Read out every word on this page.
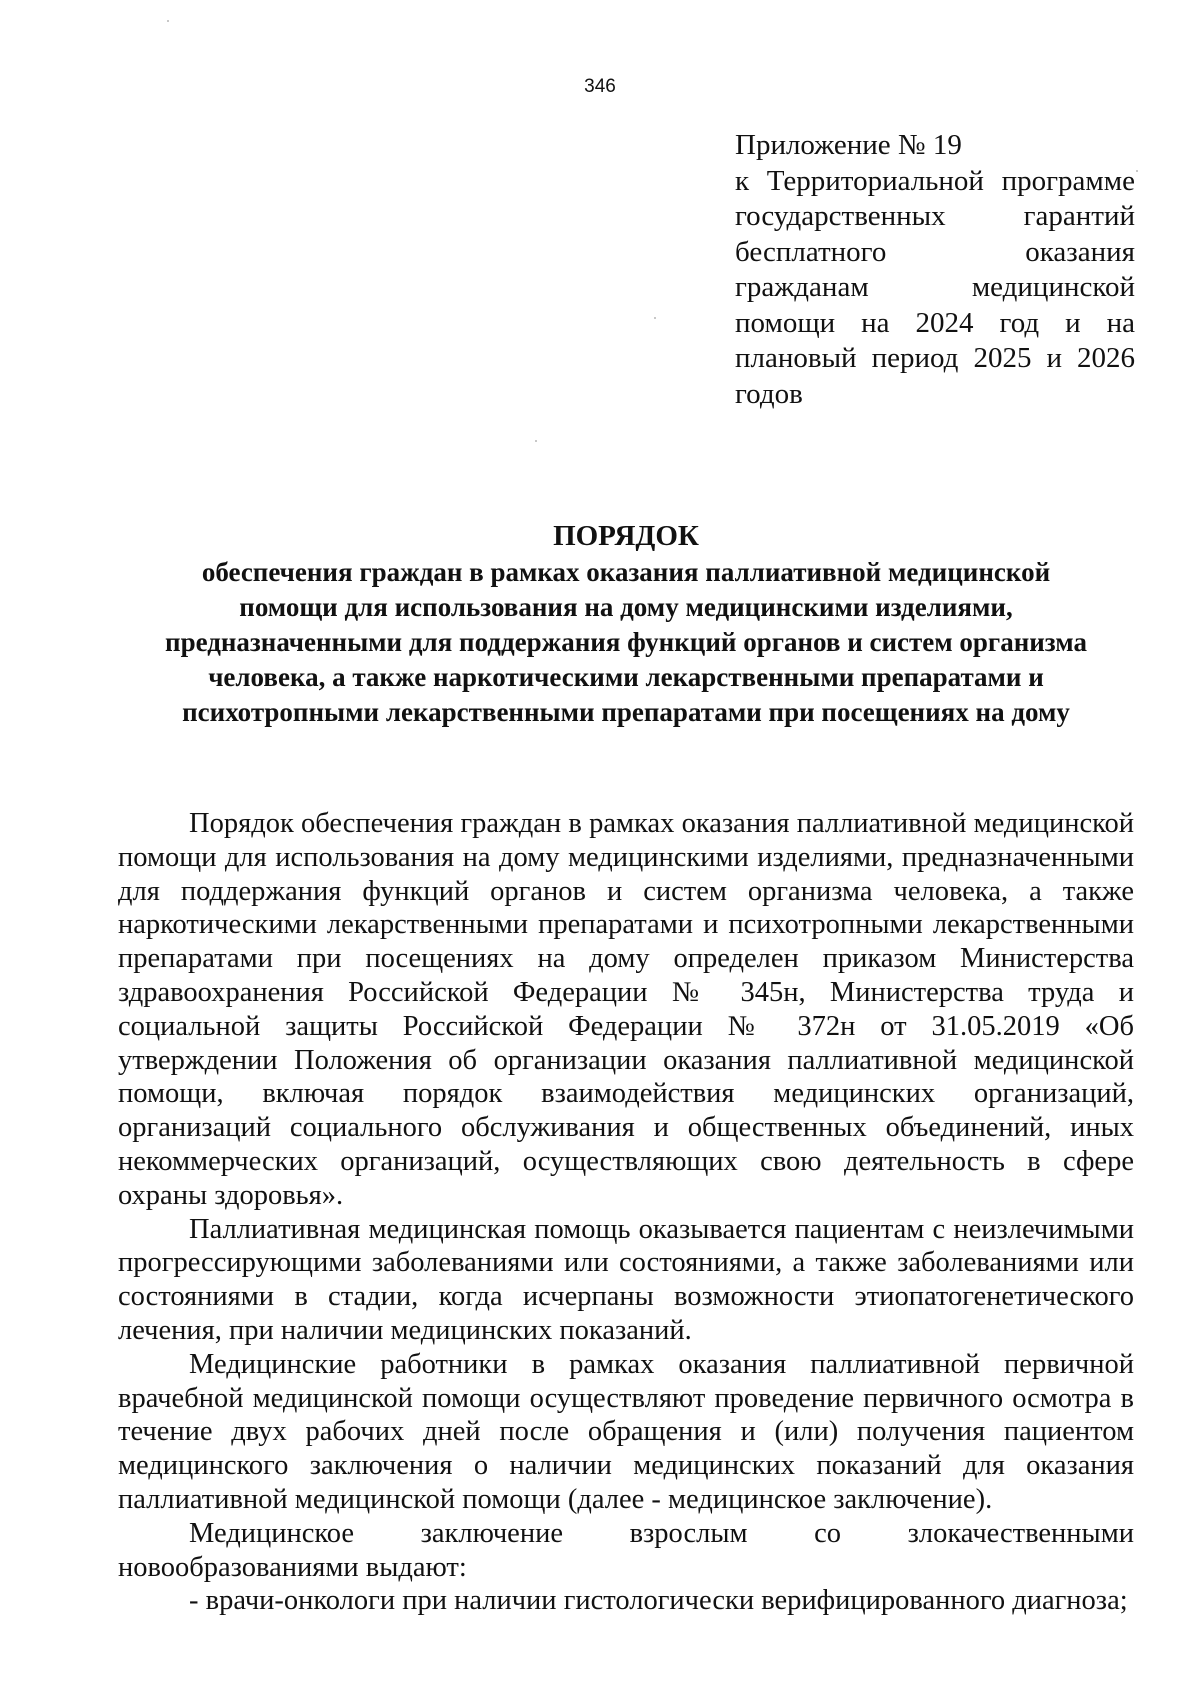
346
Приложение № 19
к Территориальной программе государственных гарантий бесплатного оказания гражданам медицинской помощи на 2024 год и на плановый период 2025 и 2026 годов
ПОРЯДОК
обеспечения граждан в рамках оказания паллиативной медицинской помощи для использования на дому медицинскими изделиями, предназначенными для поддержания функций органов и систем организма человека, а также наркотическими лекарственными препаратами и психотропными лекарственными препаратами при посещениях на дому

Порядок обеспечения граждан в рамках оказания паллиативной медицинской помощи для использования на дому медицинскими изделиями, предназначенными для поддержания функций органов и систем организма человека, а также наркотическими лекарственными препаратами и психотропными лекарственными препаратами при посещениях на дому определен приказом Министерства здравоохранения Российской Федерации № 345н, Министерства труда и социальной защиты Российской Федерации № 372н от 31.05.2019 «Об утверждении Положения об организации оказания паллиативной медицинской помощи, включая порядок взаимодействия медицинских организаций, организаций социального обслуживания и общественных объединений, иных некоммерческих организаций, осуществляющих свою деятельность в сфере охраны здоровья».

Паллиативная медицинская помощь оказывается пациентам с неизлечимыми прогрессирующими заболеваниями или состояниями, а также заболеваниями или состояниями в стадии, когда исчерпаны возможности этиопатогенетического лечения, при наличии медицинских показаний.

Медицинские работники в рамках оказания паллиативной первичной врачебной медицинской помощи осуществляют проведение первичного осмотра в течение двух рабочих дней после обращения и (или) получения пациентом медицинского заключения о наличии медицинских показаний для оказания паллиативной медицинской помощи (далее - медицинское заключение).

Медицинское заключение взрослым со злокачественными новообразованиями выдают:

- врачи-онкологи при наличии гистологически верифицированного диагноза;
